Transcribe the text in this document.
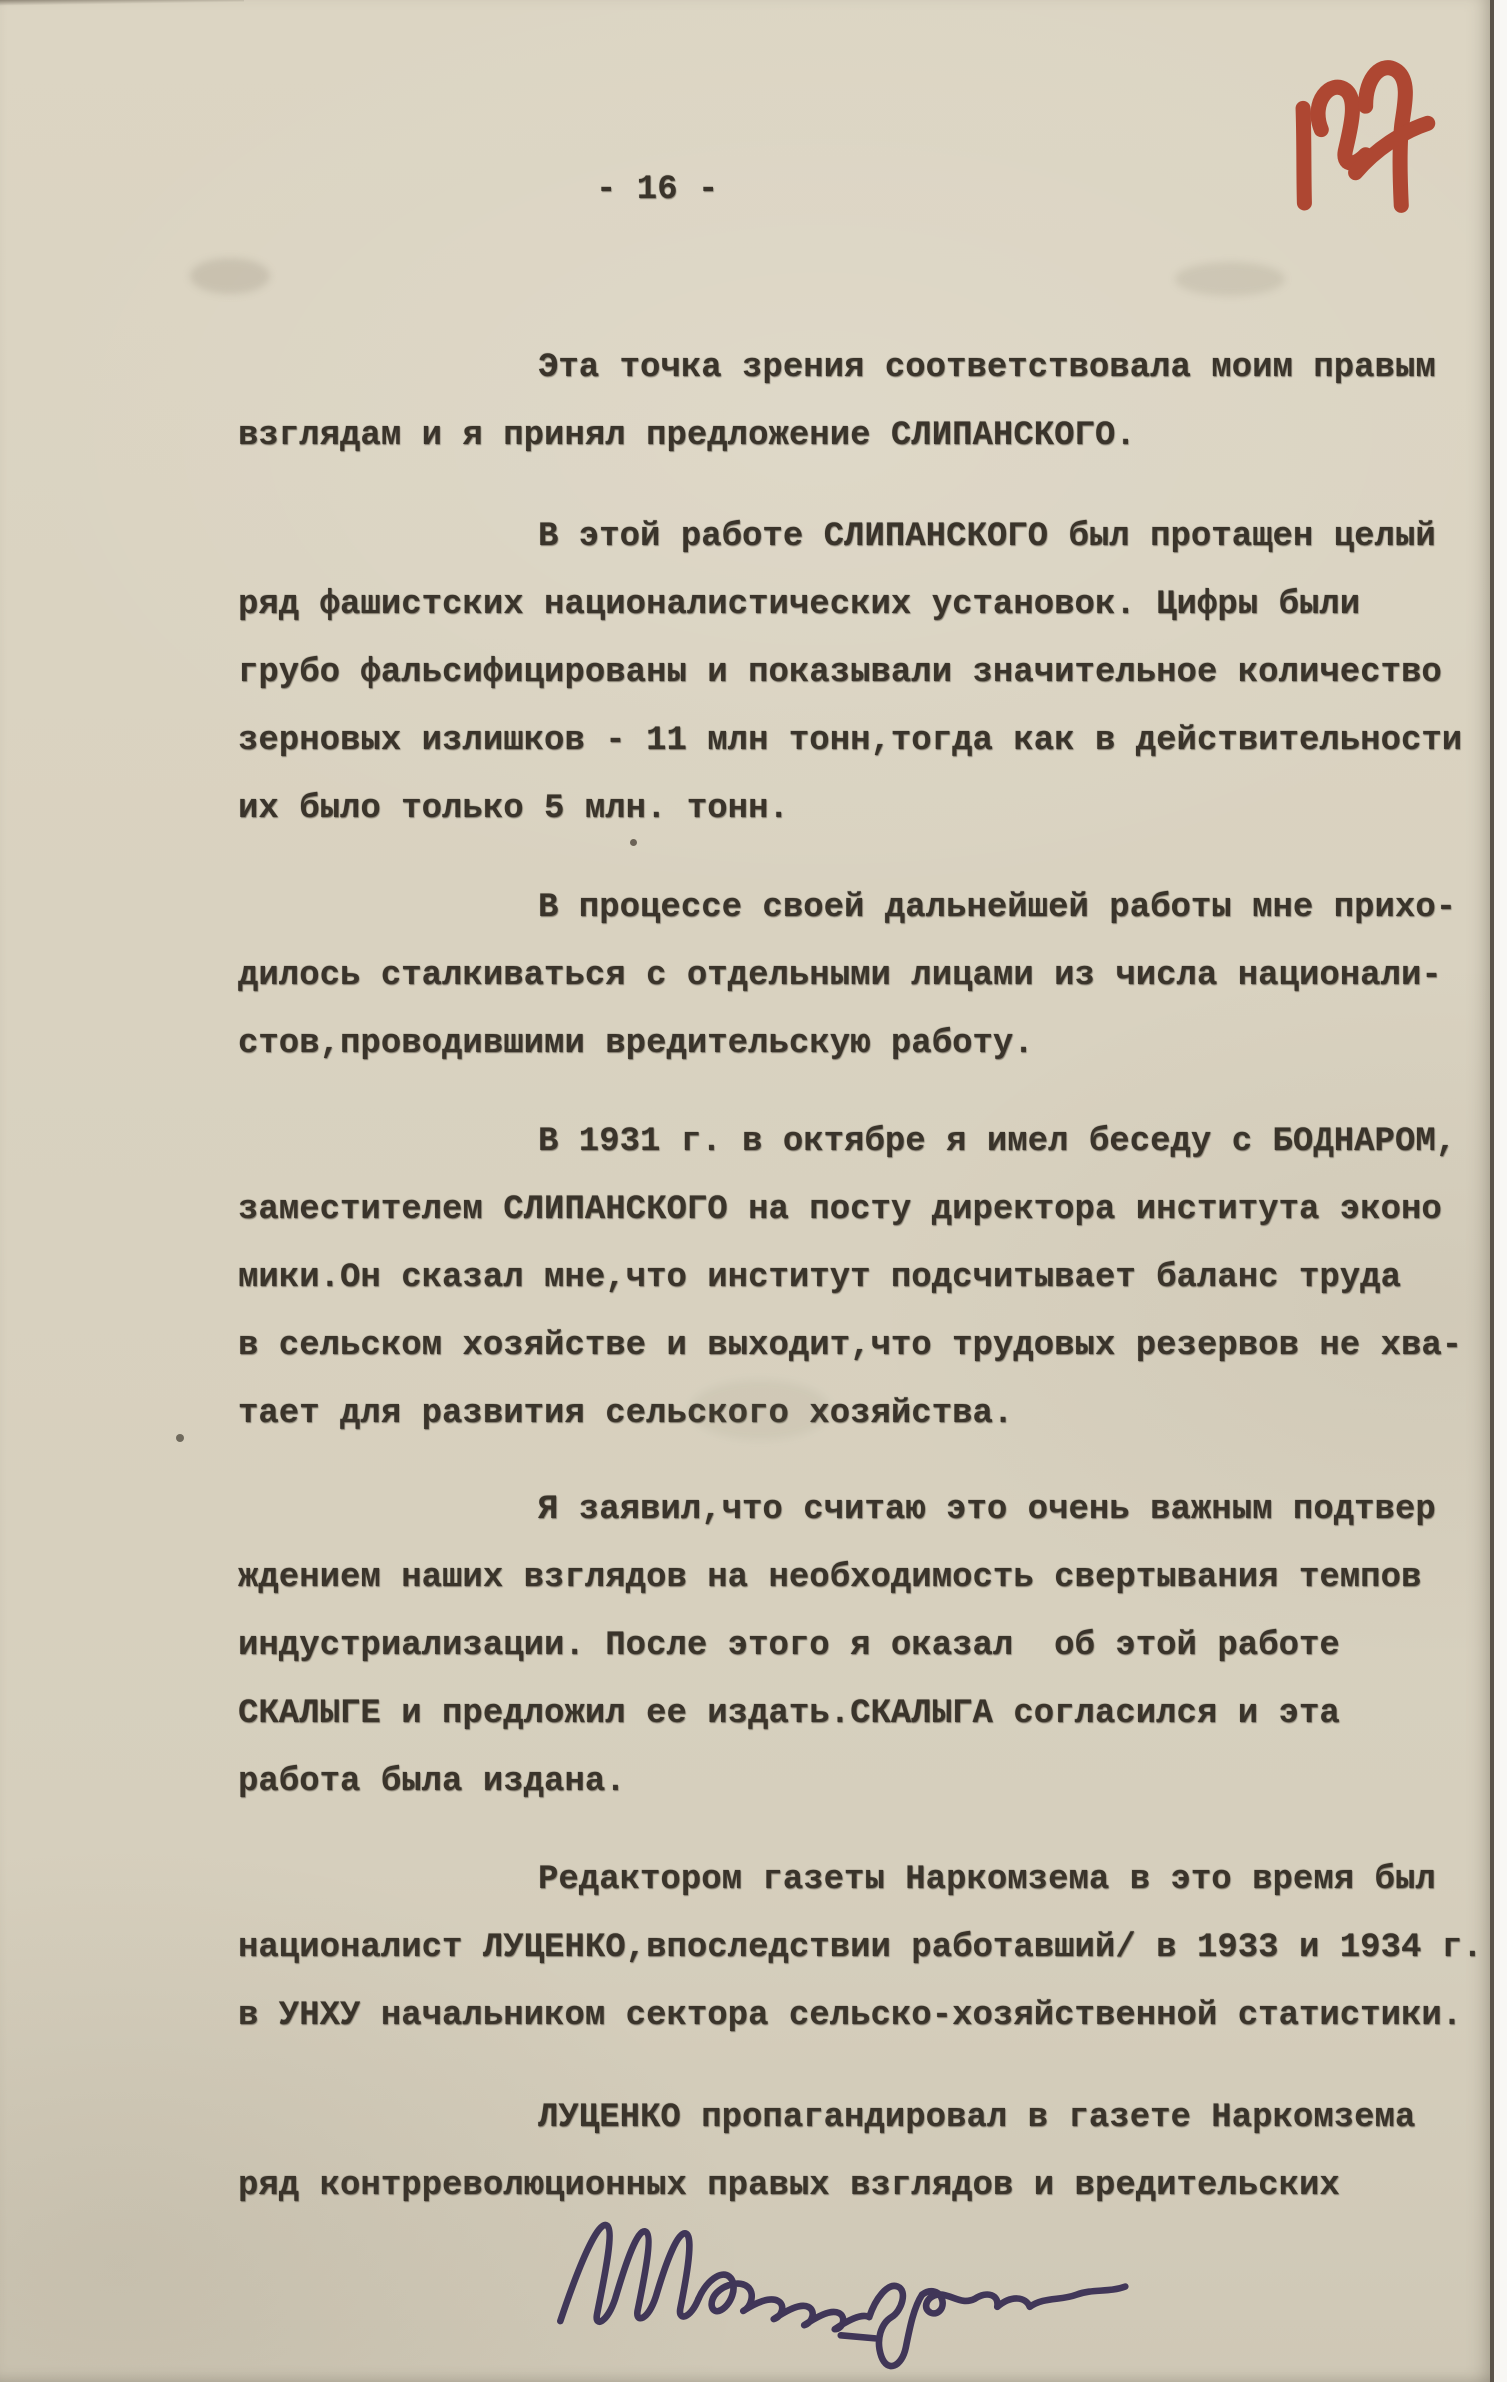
- 16 -
Эта точка зрения соответствовала моим правым
взглядам и я принял предложение СЛИПАНСКОГО.
В этой работе СЛИПАНСКОГО был протащен целый
ряд фашистских националистических установок. Цифры были
грубо фальсифицированы и показывали значительное количество
зерновых излишков - 11 млн тонн,тогда как в действительности
их было только 5 млн. тонн.
В процессе своей дальнейшей работы мне прихо-
дилось сталкиваться с отдельными лицами из числа национали-
стов,проводившими вредительскую работу.
В 1931 г. в октябре я имел беседу с БОДНАРОМ,
заместителем СЛИПАНСКОГО на посту директора института эконо
мики.Он сказал мне,что институт подсчитывает баланс труда
в сельском хозяйстве и выходит,что трудовых резервов не хва-
тает для развития сельского хозяйства.
Я заявил,что считаю это очень важным подтвер
ждением наших взглядов на необходимость свертывания темпов
индустриализации. После этого я оказал  об этой работе
СКАЛЫГЕ и предложил ее издать.СКАЛЫГА согласился и эта
работа была издана.
Редактором газеты Наркомзема в это время был
националист ЛУЦЕНКО,впоследствии работавший/ в 1933 и 1934 г.
в УНХУ начальником сектора сельско-хозяйственной статистики.
ЛУЦЕНКО пропагандировал в газете Наркомзема
ряд контрреволюционных правых взглядов и вредительских
